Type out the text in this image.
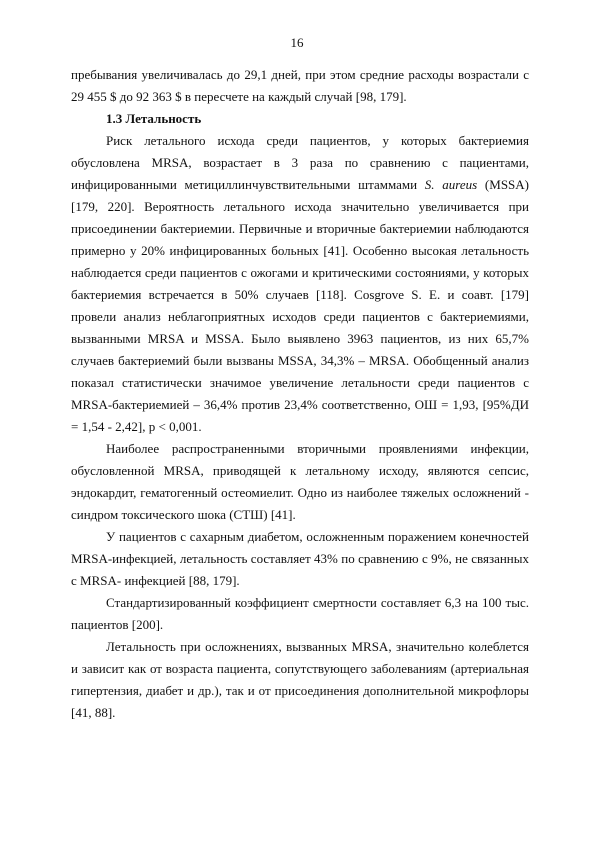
16

пребывания увеличивалась до 29,1 дней, при этом средние расходы возрастали с 29 455 $ до 92 363 $ в пересчете на каждый случай [98, 179].

1.3 Летальность

Риск летального исхода среди пациентов, у которых бактериемия обусловлена MRSA, возрастает в 3 раза по сравнению с пациентами, инфицированными метициллинчувствительными штаммами S. aureus (MSSA) [179, 220]. Вероятность летального исхода значительно увеличивается при присоединении бактериемии. Первичные и вторичные бактериемии наблюдаются примерно у 20% инфицированных больных [41]. Особенно высокая летальность наблюдается среди пациентов с ожогами и критическими состояниями, у которых бактериемия встречается в 50% случаев [118]. Cosgrove S. E. и соавт. [179] провели анализ неблагоприятных исходов среди пациентов с бактериемиями, вызванными MRSA и MSSA. Было выявлено 3963 пациентов, из них 65,7% случаев бактериемий были вызваны MSSA, 34,3% – MRSA. Обобщенный анализ показал статистически значимое увеличение летальности среди пациентов с MRSA-бактериемией – 36,4% против 23,4% соответственно, ОШ = 1,93, [95%ДИ = 1,54 - 2,42], p < 0,001.

Наиболее распространенными вторичными проявлениями инфекции, обусловленной MRSA, приводящей к летальному исходу, являются сепсис, эндокардит, гематогенный остеомиелит. Одно из наиболее тяжелых осложнений - синдром токсического шока (СТШ) [41].

У пациентов с сахарным диабетом, осложненным поражением конечностей MRSA-инфекцией, летальность составляет 43% по сравнению с 9%, не связанных с MRSA- инфекцией [88, 179].

Стандартизированный коэффициент смертности составляет 6,3 на 100 тыс. пациентов [200].

Летальность при осложнениях, вызванных MRSA, значительно колеблется и зависит как от возраста пациента, сопутствующего заболеваниям (артериальная гипертензия, диабет и др.), так и от присоединения дополнительной микрофлоры [41, 88].
